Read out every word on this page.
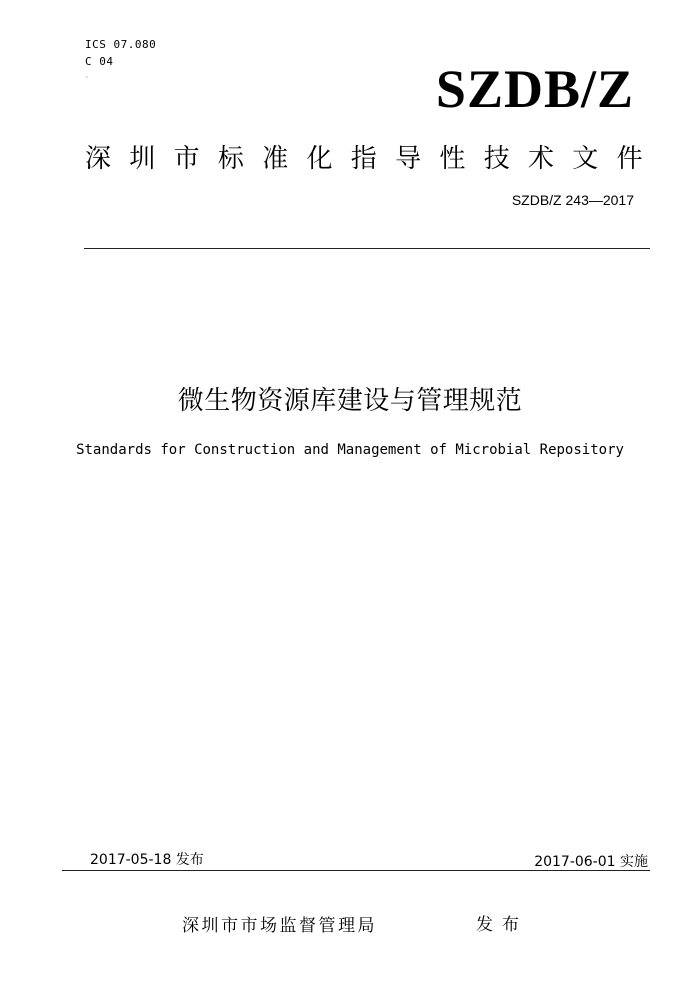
ICS 07.080
C 04
◦	SZDB/Z
深圳市标准化指导性技术文件
SZDB/Z 243—2017
微生物资源库建设与管理规范
Standards for Construction and Management of Microbial Repository
2017-05-18 发布	2017-06-01 实施
深圳市市场监督管理局	发布
